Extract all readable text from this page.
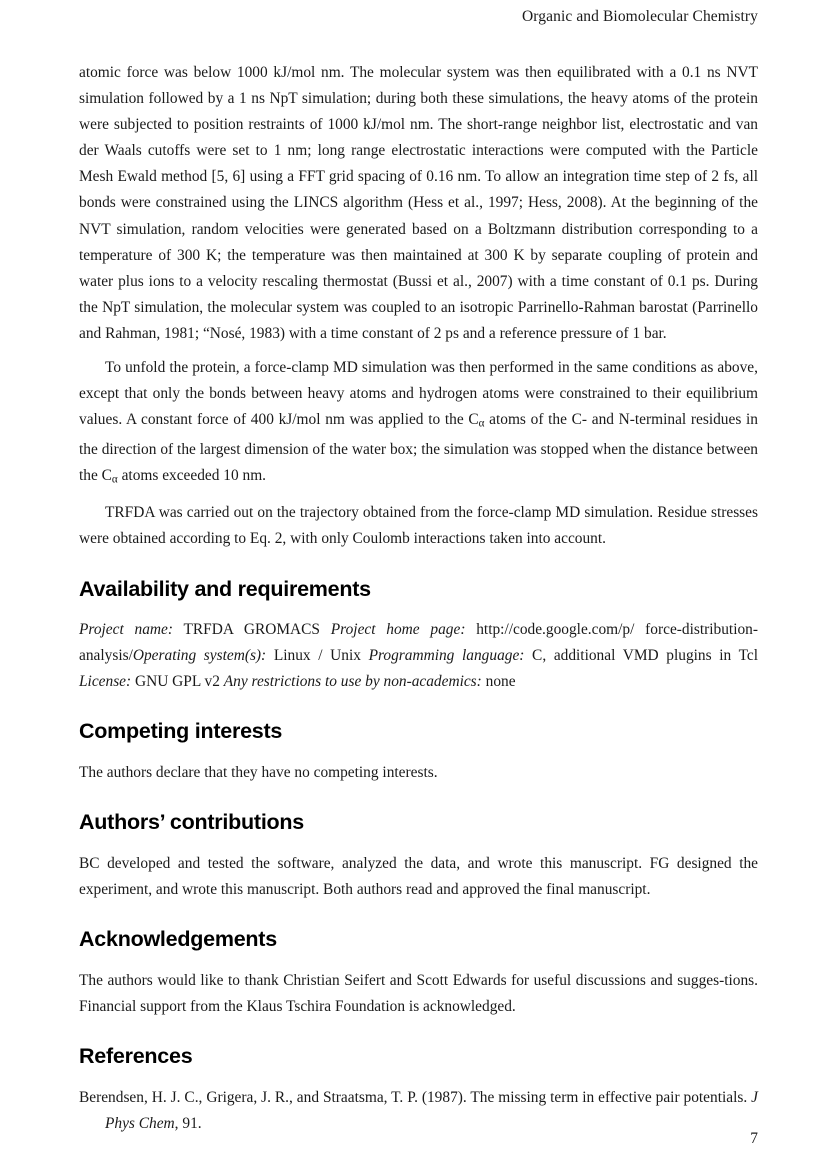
Organic and Biomolecular Chemistry

atomic force was below 1000 kJ/mol nm. The molecular system was then equilibrated with a 0.1 ns NVT simulation followed by a 1 ns NpT simulation; during both these simulations, the heavy atoms of the protein were subjected to position restraints of 1000 kJ/mol nm. The short-range neighbor list, electrostatic and van der Waals cutoffs were set to 1 nm; long range electrostatic interactions were computed with the Particle Mesh Ewald method [5, 6] using a FFT grid spacing of 0.16 nm. To allow an integration time step of 2 fs, all bonds were constrained using the LINCS algorithm (Hess et al., 1997; Hess, 2008). At the beginning of the NVT simulation, random velocities were generated based on a Boltzmann distribution corresponding to a temperature of 300 K; the temperature was then maintained at 300 K by separate coupling of protein and water plus ions to a velocity rescaling thermostat (Bussi et al., 2007) with a time constant of 0.1 ps. During the NpT simulation, the molecular system was coupled to an isotropic Parrinello-Rahman barostat (Parrinello and Rahman, 1981; “Nosé, 1983) with a time constant of 2 ps and a reference pressure of 1 bar.

To unfold the protein, a force-clamp MD simulation was then performed in the same conditions as above, except that only the bonds between heavy atoms and hydrogen atoms were constrained to their equilibrium values. A constant force of 400 kJ/mol nm was applied to the $C_\alpha$ atoms of the C- and N-terminal residues in the direction of the largest dimension of the water box; the simulation was stopped when the distance between the $C_\alpha$ atoms exceeded 10 nm.

TRFDA was carried out on the trajectory obtained from the force-clamp MD simulation. Residue stresses were obtained according to Eq. 2, with only Coulomb interactions taken into account.

Availability and requirements

Project name: TRFDA GROMACS Project home page: http://code.google.com/p/ force-distribution-analysis/Operating system(s): Linux / Unix Programming language: C, additional VMD plugins in Tcl License: GNU GPL v2 Any restrictions to use by non-academics: none

Competing interests

The authors declare that they have no competing interests.

Authors’ contributions

BC developed and tested the software, analyzed the data, and wrote this manuscript. FG designed the experiment, and wrote this manuscript. Both authors read and approved the final manuscript.

Acknowledgements

The authors would like to thank Christian Seifert and Scott Edwards for useful discussions and sugges-tions. Financial support from the Klaus Tschira Foundation is acknowledged.

References

Berendsen, H. J. C., Grigera, J. R., and Straatsma, T. P. (1987). The missing term in effective pair potentials. J Phys Chem, 91.

7
